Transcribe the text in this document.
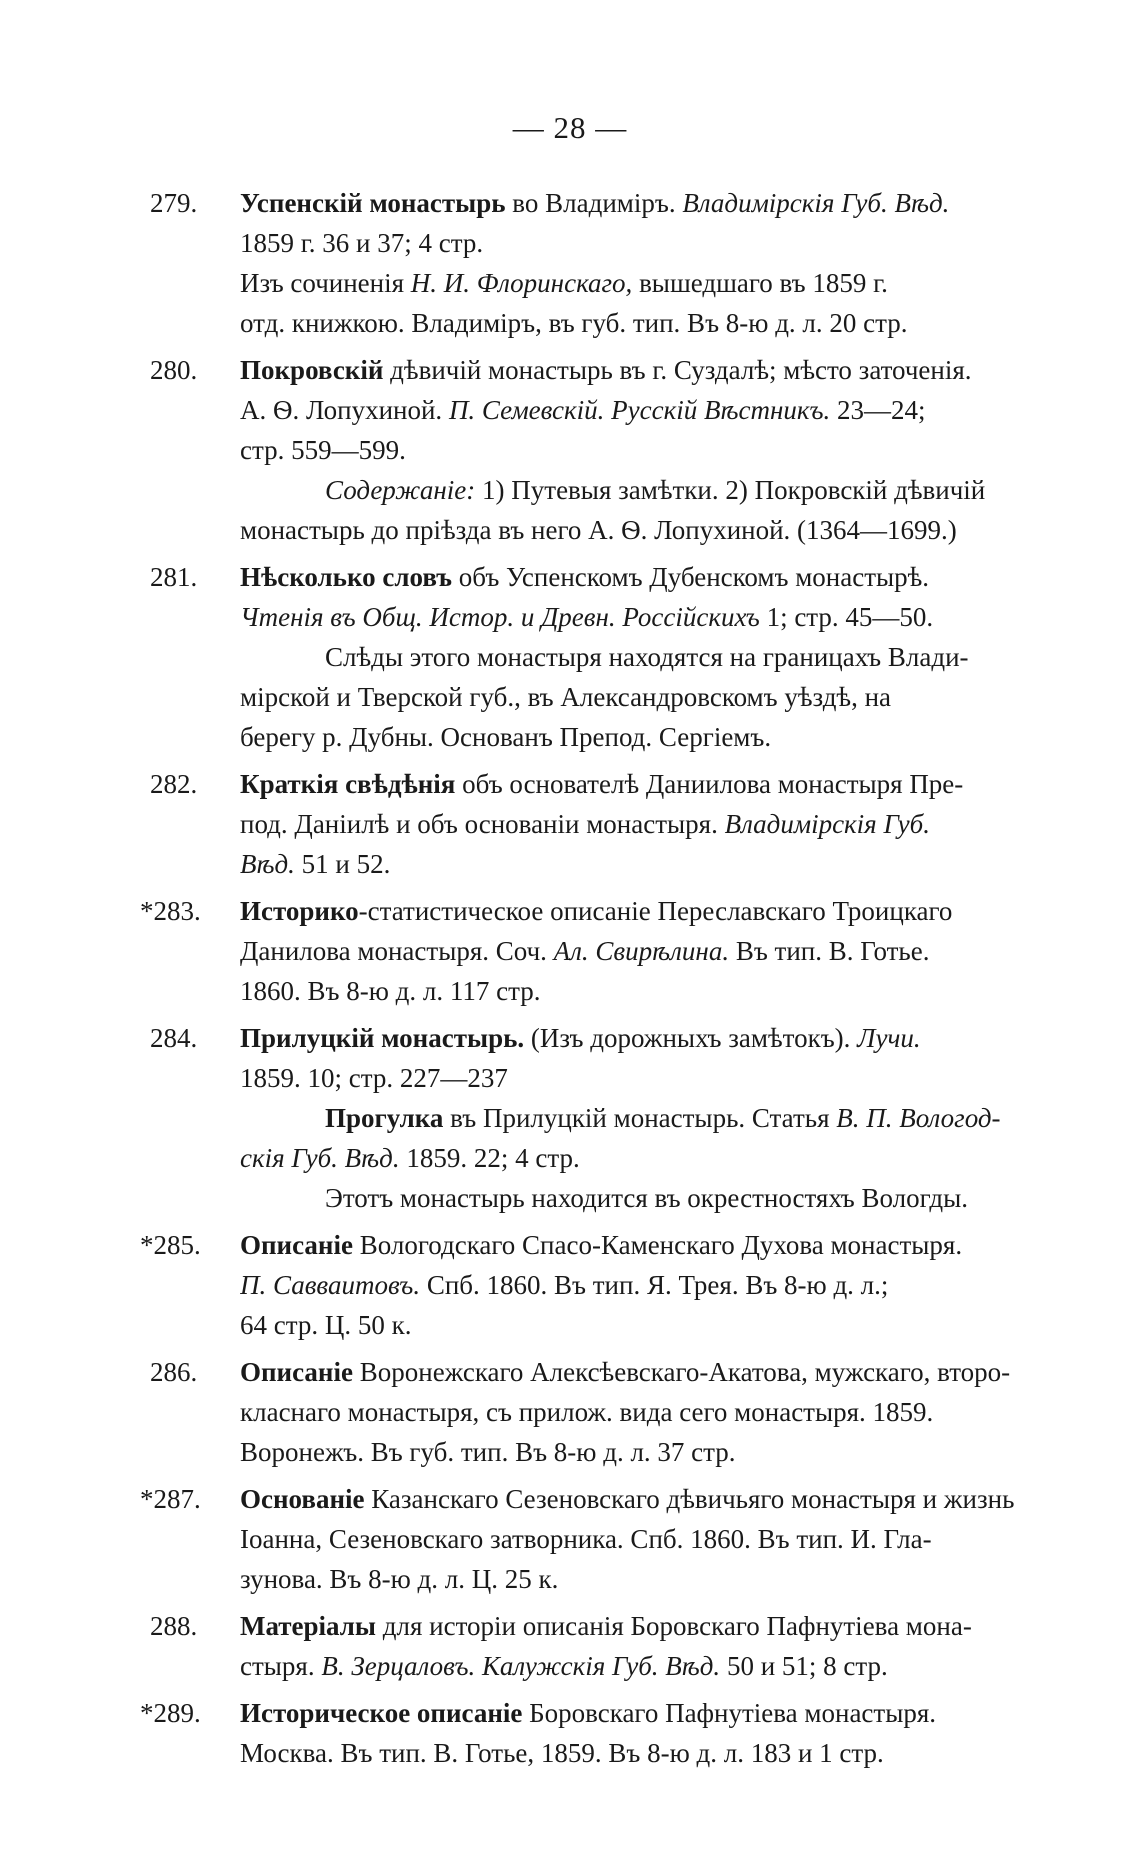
— 28 —
279. Успенскій монастырь во Владиміръ. Владимірскія Губ. Вѣд.
1859 г. 36 и 37; 4 стр.
Изъ сочиненія Н. И. Флоринскаго, вышедшаго въ 1859 г.
отд. книжкою. Владиміръ, въ губ. тип. Въ 8-ю д. л. 20 стр.
280. Покровскій дѣвичій монастырь въ г. Суздалѣ; мѣсто заточенія.
А. Ѳ. Лопухиной. П. Семевскій. Русскій Вѣстникъ. 23—24;
стр. 559—599.
Содержаніе: 1) Путевыя замѣтки. 2) Покровскій дѣвичій
монастырь до пріѣзда въ него А. Ѳ. Лопухиной. (1364—1699.)
281. Нѣсколько словъ объ Успенскомъ Дубенскомъ монастырѣ.
Чтенія въ Общ. Истор. и Древн. Россійскихъ 1; стр. 45—50.
Слѣды этого монастыря находятся на границахъ Влади-
мірской и Тверской губ., въ Александровскомъ уѣздѣ, на
берегу р. Дубны. Основанъ Препод. Сергіемъ.
282. Краткія свѣдѣнія объ основателѣ Даниилова монастыря Пре-
под. Даніилѣ и объ основаніи монастыря. Владимірскія Губ.
Вѣд. 51 и 52.
*283. Историко-статистическое описаніе Переславскаго Троицкаго
Данилова монастыря. Соч. Ал. Свирѣлина. Въ тип. В. Готье.
1860. Въ 8-ю д. л. 117 стр.
284. Прилуцкій монастырь. (Изъ дорожныхъ замѣтокъ). Лучи.
1859. 10; стр. 227—237
Прогулка въ Прилуцкій монастырь. Статья В. П. Вологод-
скія Губ. Вѣд. 1859. 22; 4 стр.
Этотъ монастырь находится въ окрестностяхъ Вологды.
*285. Описаніе Вологодскаго Спасо-Каменскаго Духова монастыря.
П. Савваитовъ. Спб. 1860. Въ тип. Я. Трея. Въ 8-ю д. л.;
64 стр. Ц. 50 к.
286. Описаніе Воронежскаго Алексѣевскаго-Акатова, мужскаго, второ-
класнаго монастыря, съ прилож. вида сего монастыря. 1859.
Воронежъ. Въ губ. тип. Въ 8-ю д. л. 37 стр.
*287. Основаніе Казанскаго Сезеновскаго дѣвичьяго монастыря и жизнь
Іоанна, Сезеновскаго затворника. Спб. 1860. Въ тип. И. Гла-
зунова. Въ 8-ю д. л. Ц. 25 к.
288. Матеріалы для исторіи описанія Боровскаго Пафнутіева мона-
стыря. В. Зерцаловъ. Калужскія Губ. Вѣд. 50 и 51; 8 стр.
*289. Историческое описаніе Боровскаго Пафнутіева монастыря.
Москва. Въ тип. В. Готье, 1859. Въ 8-ю д. л. 183 и 1 стр.
